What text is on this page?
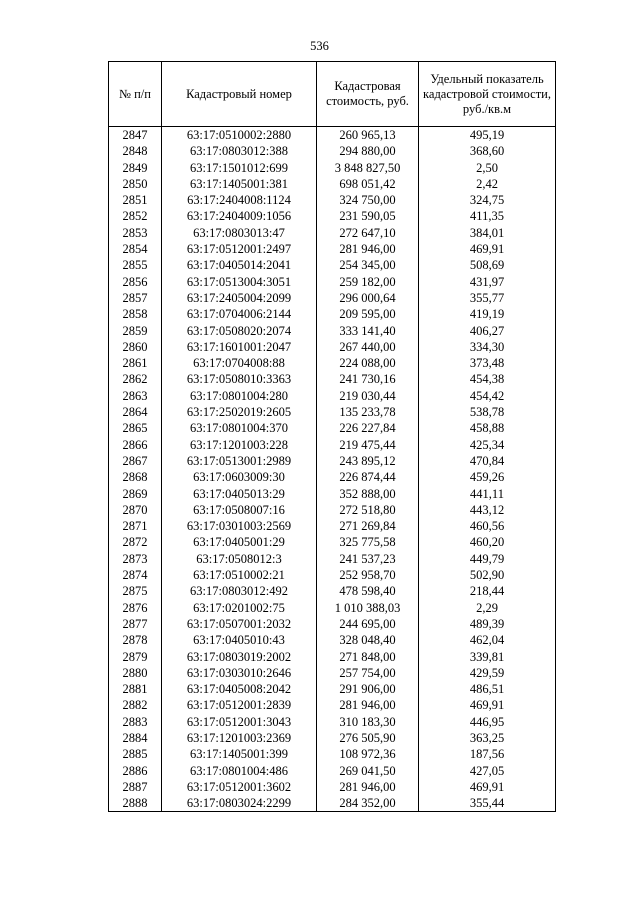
536
№ п/п	Кадастровый номер	Кадастровая стоимость, руб.	Удельный показатель кадастровой стоимости, руб./кв.м
2847	63:17:0510002:2880	260 965,13	495,19
2848	63:17:0803012:388	294 880,00	368,60
2849	63:17:1501012:699	3 848 827,50	2,50
2850	63:17:1405001:381	698 051,42	2,42
2851	63:17:2404008:1124	324 750,00	324,75
2852	63:17:2404009:1056	231 590,05	411,35
2853	63:17:0803013:47	272 647,10	384,01
2854	63:17:0512001:2497	281 946,00	469,91
2855	63:17:0405014:2041	254 345,00	508,69
2856	63:17:0513004:3051	259 182,00	431,97
2857	63:17:2405004:2099	296 000,64	355,77
2858	63:17:0704006:2144	209 595,00	419,19
2859	63:17:0508020:2074	333 141,40	406,27
2860	63:17:1601001:2047	267 440,00	334,30
2861	63:17:0704008:88	224 088,00	373,48
2862	63:17:0508010:3363	241 730,16	454,38
2863	63:17:0801004:280	219 030,44	454,42
2864	63:17:2502019:2605	135 233,78	538,78
2865	63:17:0801004:370	226 227,84	458,88
2866	63:17:1201003:228	219 475,44	425,34
2867	63:17:0513001:2989	243 895,12	470,84
2868	63:17:0603009:30	226 874,44	459,26
2869	63:17:0405013:29	352 888,00	441,11
2870	63:17:0508007:16	272 518,80	443,12
2871	63:17:0301003:2569	271 269,84	460,56
2872	63:17:0405001:29	325 775,58	460,20
2873	63:17:0508012:3	241 537,23	449,79
2874	63:17:0510002:21	252 958,70	502,90
2875	63:17:0803012:492	478 598,40	218,44
2876	63:17:0201002:75	1 010 388,03	2,29
2877	63:17:0507001:2032	244 695,00	489,39
2878	63:17:0405010:43	328 048,40	462,04
2879	63:17:0803019:2002	271 848,00	339,81
2880	63:17:0303010:2646	257 754,00	429,59
2881	63:17:0405008:2042	291 906,00	486,51
2882	63:17:0512001:2839	281 946,00	469,91
2883	63:17:0512001:3043	310 183,30	446,95
2884	63:17:1201003:2369	276 505,90	363,25
2885	63:17:1405001:399	108 972,36	187,56
2886	63:17:0801004:486	269 041,50	427,05
2887	63:17:0512001:3602	281 946,00	469,91
2888	63:17:0803024:2299	284 352,00	355,44
